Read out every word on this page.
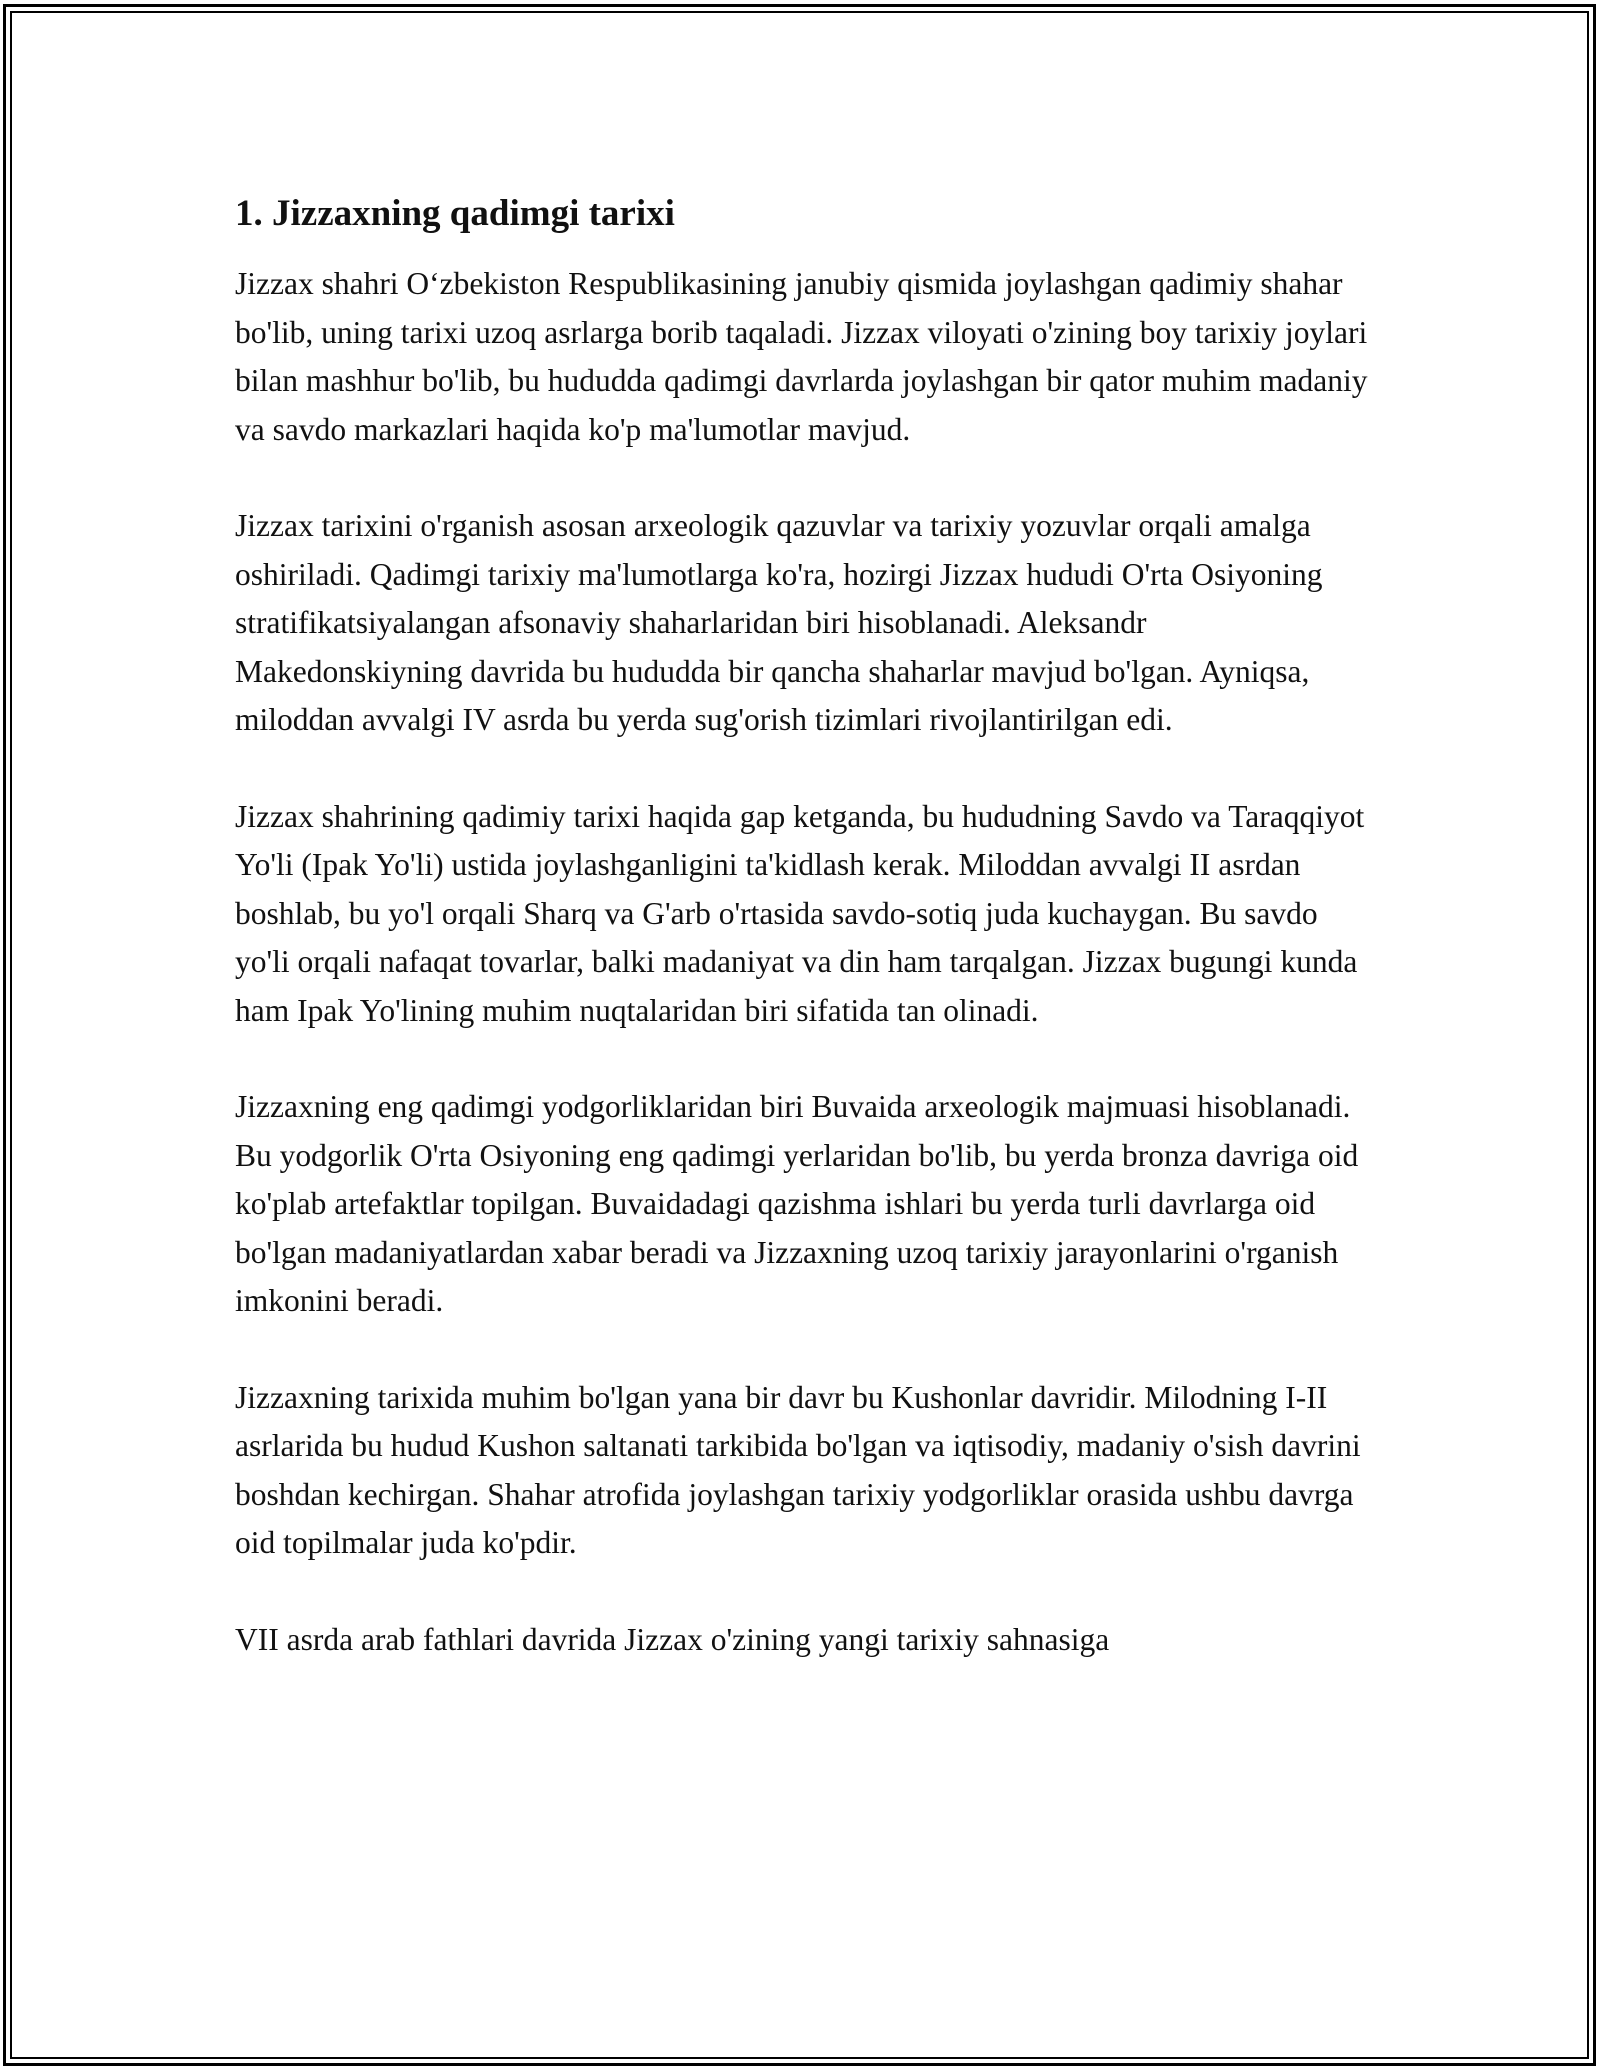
1. Jizzaxning qadimgi tarixi

Jizzax shahri O‘zbekiston Respublikasining janubiy qismida joylashgan qadimiy shahar bo'lib, uning tarixi uzoq asrlarga borib taqaladi. Jizzax viloyati o'zining boy tarixiy joylari bilan mashhur bo'lib, bu hududda qadimgi davrlarda joylashgan bir qator muhim madaniy va savdo markazlari haqida ko'p ma'lumotlar mavjud.

Jizzax tarixini o'rganish asosan arxeologik qazuvlar va tarixiy yozuvlar orqali amalga oshiriladi. Qadimgi tarixiy ma'lumotlarga ko'ra, hozirgi Jizzax hududi O'rta Osiyoning stratifikatsiyalangan afsonaviy shaharlaridan biri hisoblanadi. Aleksandr Makedonskiyning davrida bu hududda bir qancha shaharlar mavjud bo'lgan. Ayniqsa, miloddan avvalgi IV asrda bu yerda sug'orish tizimlari rivojlantirilgan edi.

Jizzax shahrining qadimiy tarixi haqida gap ketganda, bu hududning Savdo va Taraqqiyot Yo'li (Ipak Yo'li) ustida joylashganligini ta'kidlash kerak. Miloddan avvalgi II asrdan boshlab, bu yo'l orqali Sharq va G'arb o'rtasida savdo-sotiq juda kuchaygan. Bu savdo yo'li orqali nafaqat tovarlar, balki madaniyat va din ham tarqalgan. Jizzax bugungi kunda ham Ipak Yo'lining muhim nuqtalaridan biri sifatida tan olinadi.

Jizzaxning eng qadimgi yodgorliklaridan biri Buvaida arxeologik majmuasi hisoblanadi. Bu yodgorlik O'rta Osiyoning eng qadimgi yerlaridan bo'lib, bu yerda bronza davriga oid ko'plab artefaktlar topilgan. Buvaidadagi qazishma ishlari bu yerda turli davrlarga oid bo'lgan madaniyatlardan xabar beradi va Jizzaxning uzoq tarixiy jarayonlarini o'rganish imkonini beradi.

Jizzaxning tarixida muhim bo'lgan yana bir davr bu Kushonlar davridir. Milodning I-II asrlarida bu hudud Kushon saltanati tarkibida bo'lgan va iqtisodiy, madaniy o'sish davrini boshdan kechirgan. Shahar atrofida joylashgan tarixiy yodgorliklar orasida ushbu davrga oid topilmalar juda ko'pdir.

VII asrda arab fathlari davrida Jizzax o'zining yangi tarixiy sahnasiga
